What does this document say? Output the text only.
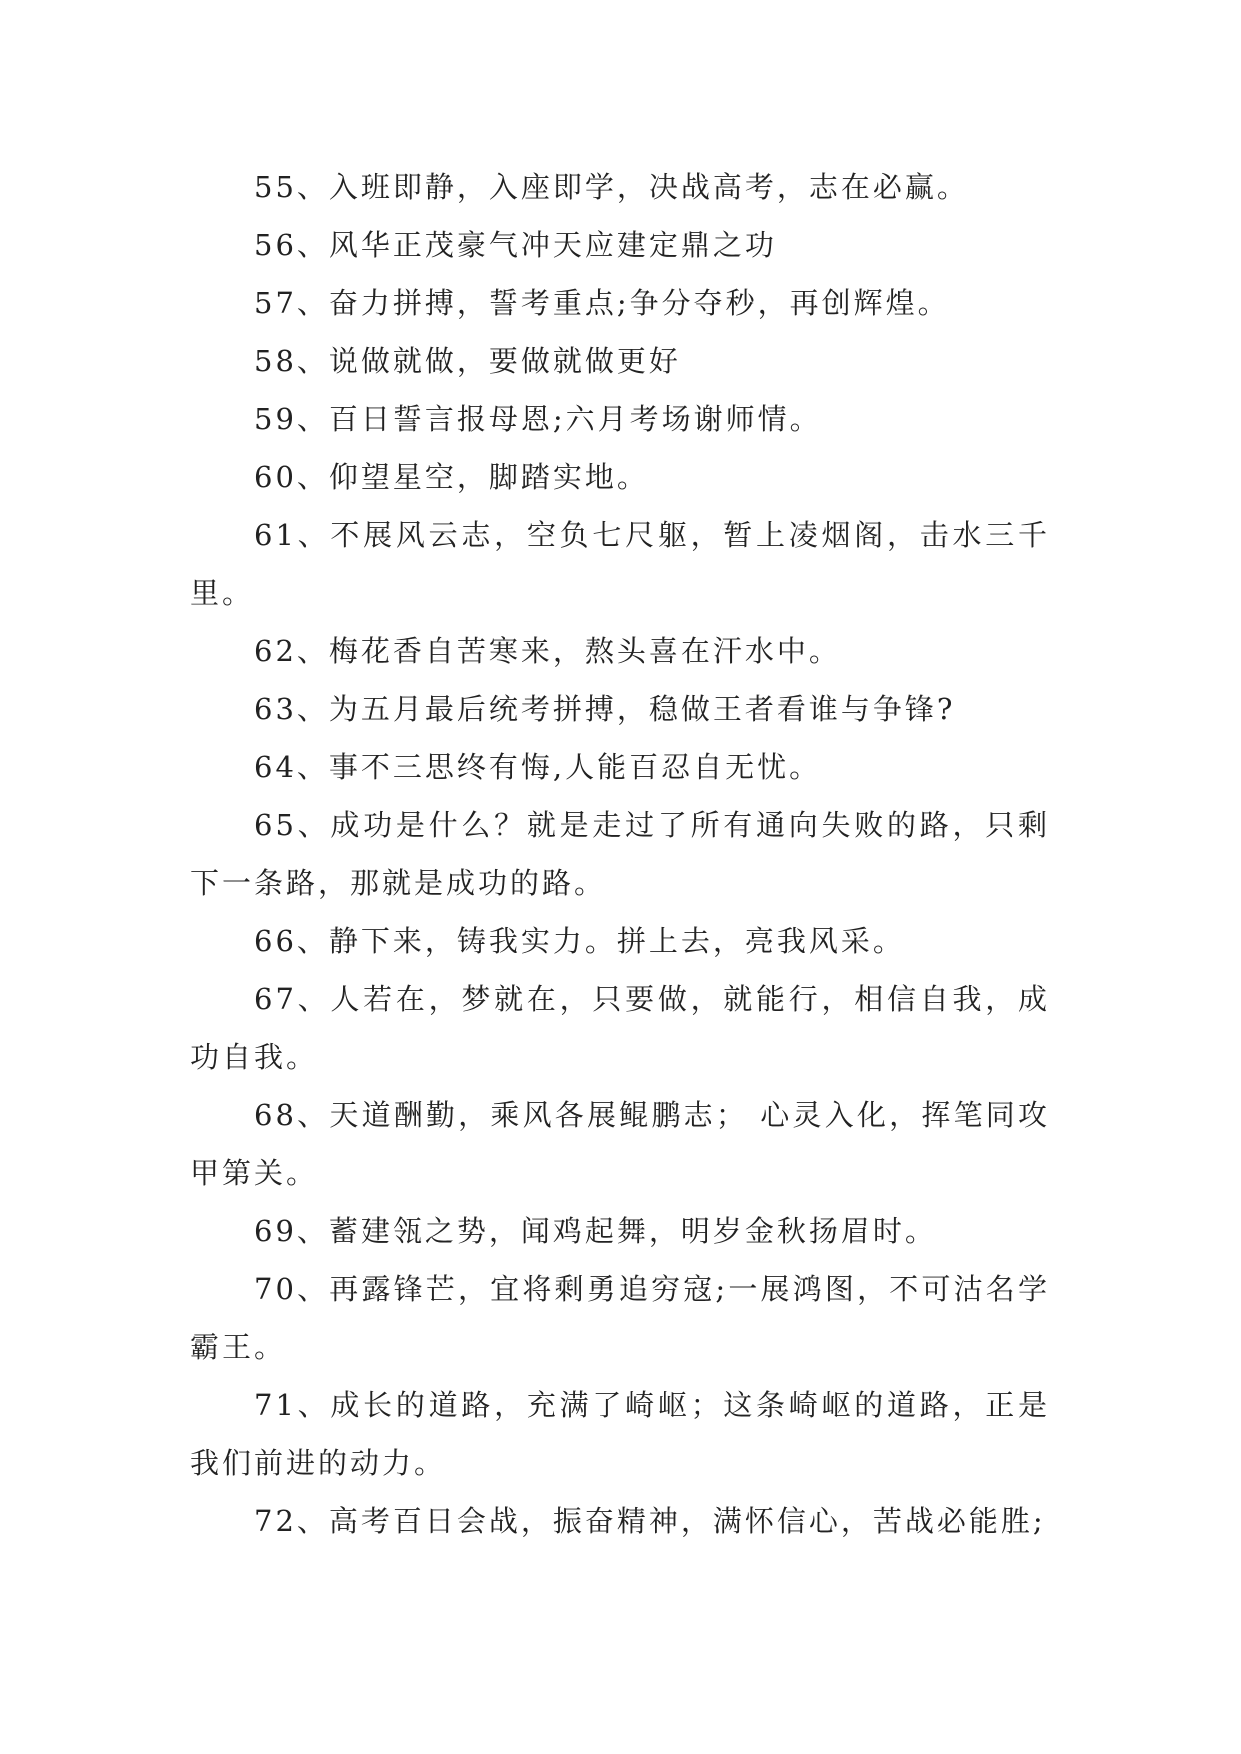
55、入班即静，入座即学，决战高考，志在必赢。

56、风华正茂豪气冲天应建定鼎之功

57、奋力拼搏，誓考重点;争分夺秒，再创辉煌。

58、说做就做，要做就做更好

59、百日誓言报母恩;六月考场谢师情。

60、仰望星空，脚踏实地。

61、不展风云志，空负七尺躯，暂上凌烟阁，击水三千里。

62、梅花香自苦寒来，熬头喜在汗水中。

63、为五月最后统考拼搏，稳做王者看谁与争锋?

64、事不三思终有悔,人能百忍自无忧。

65、成功是什么？就是走过了所有通向失败的路，只剩下一条路，那就是成功的路。

66、静下来，铸我实力。拼上去，亮我风采。

67、人若在，梦就在，只要做，就能行，相信自我，成功自我。

68、天道酬勤，乘风各展鲲鹏志； 心灵入化，挥笔同攻甲第关。

69、蓄建瓴之势，闻鸡起舞，明岁金秋扬眉时。

70、再露锋芒，宜将剩勇追穷寇;一展鸿图，不可沽名学霸王。

71、成长的道路，充满了崎岖；这条崎岖的道路，正是我们前进的动力。

72、高考百日会战，振奋精神，满怀信心，苦战必能胜;
